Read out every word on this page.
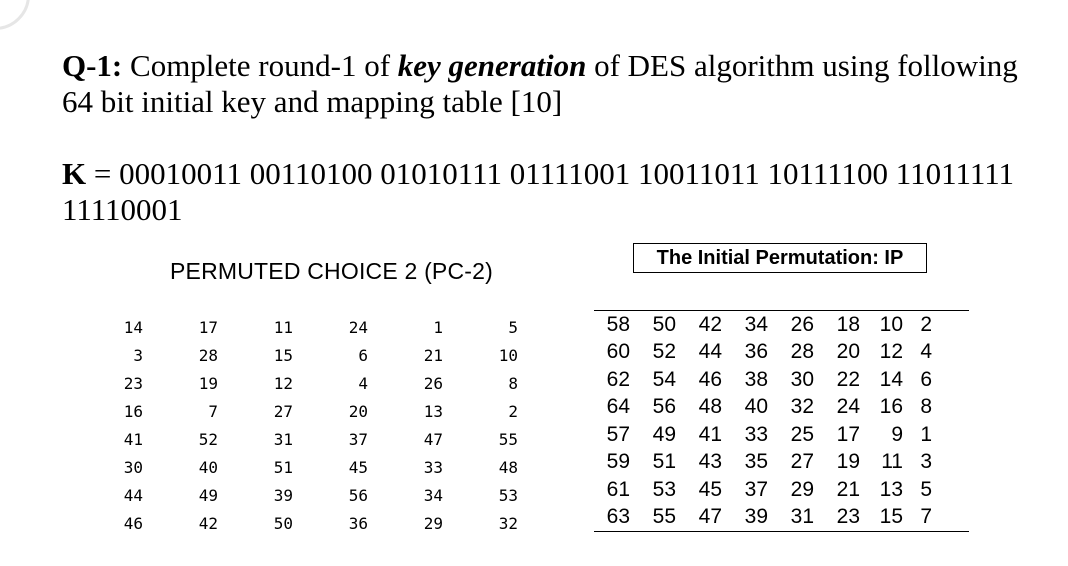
Q-1: Complete round-1 of key generation of DES algorithm using following 64 bit initial key and mapping table [10]
K = 00010011 00110100 01010111 01111001 10011011 10111100 11011111 11110001
PERMUTED CHOICE 2 (PC-2)
14	17	11	24	1	5
3	28	15	6	21	10
23	19	12	4	26	8
16	7	27	20	13	2
41	52	31	37	47	55
30	40	51	45	33	48
44	49	39	56	34	53
46	42	50	36	29	32
The Initial Permutation: IP
58	50	42	34	26	18 10 2
60	52	44	36	28	20 12 4
62	54	46	38	30	22 14 6
64	56	48	40	32	24 16 8
57	49	41	33	25	17	9 1
59	51	43	35	27	19	11 3
61	53	45	37	29	21 13 5
63	55	47	39	31	23 15 7
